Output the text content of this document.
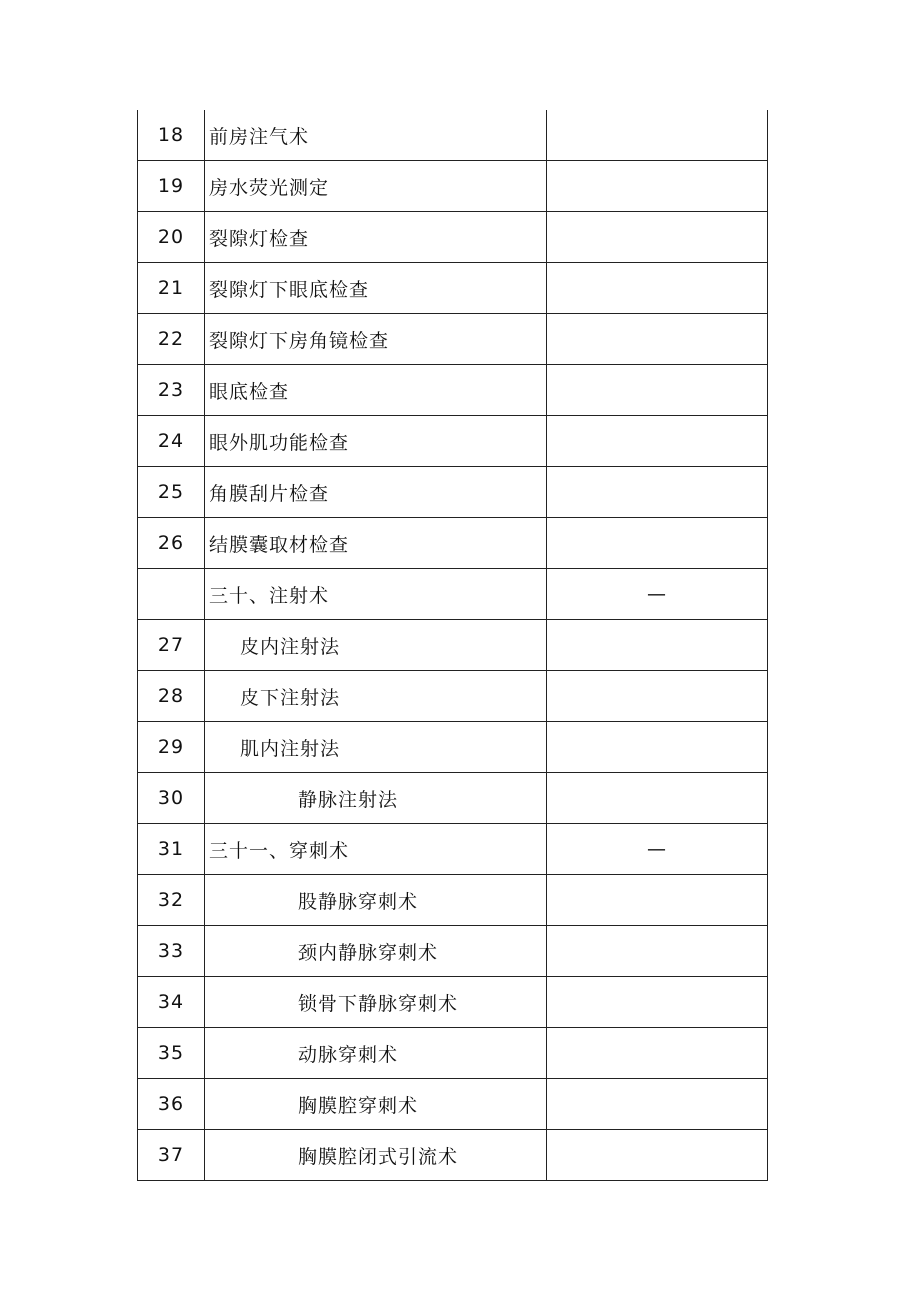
18	前房注气术	
19	房水荧光测定	
20	裂隙灯检查	
21	裂隙灯下眼底检查	
22	裂隙灯下房角镜检查	
23	眼底检查	
24	眼外肌功能检查	
25	角膜刮片检查	
26	结膜囊取材检查	
	三十、注射术	—
27	皮内注射法	
28	皮下注射法	
29	肌内注射法	
30	静脉注射法	
31	三十一、穿刺术	—
32	股静脉穿刺术	
33	颈内静脉穿刺术	
34	锁骨下静脉穿刺术	
35	动脉穿刺术	
36	胸膜腔穿刺术	
37	胸膜腔闭式引流术	
